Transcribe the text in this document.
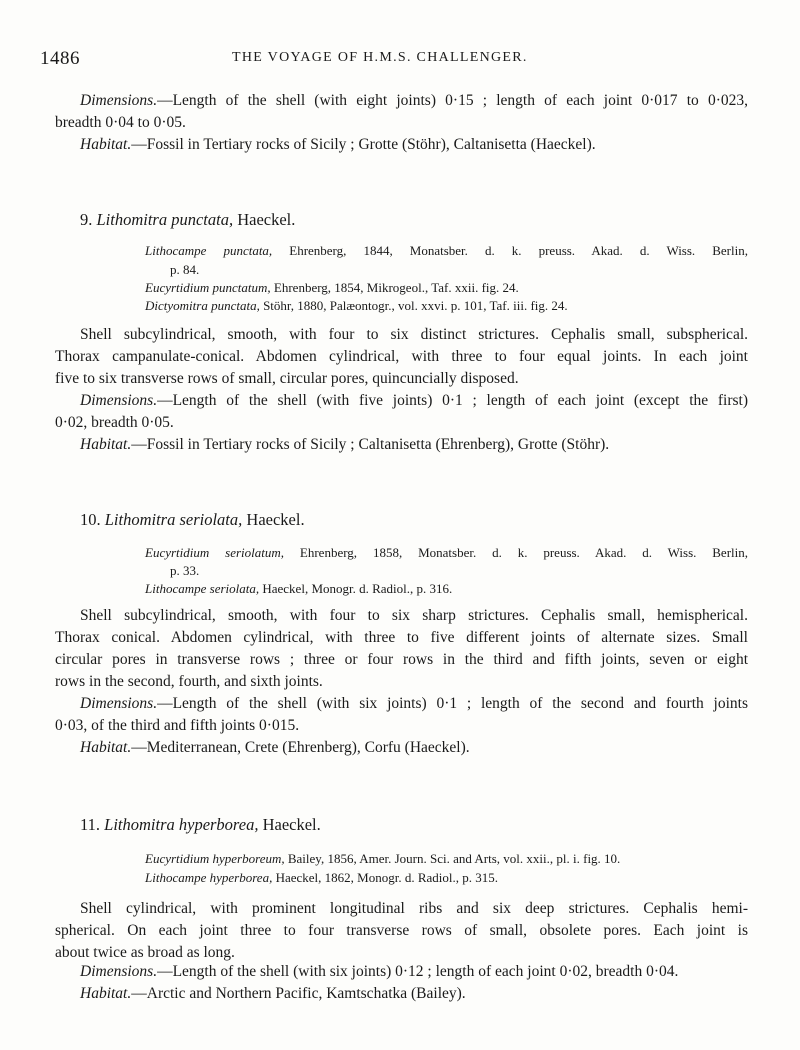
1486	THE VOYAGE OF H.M.S. CHALLENGER.
Dimensions.—Length of the shell (with eight joints) 0·15 ; length of each joint 0·017 to 0·023,
breadth 0·04 to 0·05.
Habitat.—Fossil in Tertiary rocks of Sicily ; Grotte (Stöhr), Caltanisetta (Haeckel).
9. Lithomitra punctata, Haeckel.
Lithocampe punctata, Ehrenberg, 1844, Monatsber. d. k. preuss. Akad. d. Wiss. Berlin,
p. 84.
Eucyrtidium punctatum, Ehrenberg, 1854, Mikrogeol., Taf. xxii. fig. 24.
Dictyomitra punctata, Stöhr, 1880, Palæontogr., vol. xxvi. p. 101, Taf. iii. fig. 24.
Shell subcylindrical, smooth, with four to six distinct strictures. Cephalis small, subspherical.
Thorax campanulate-conical. Abdomen cylindrical, with three to four equal joints. In each joint
five to six transverse rows of small, circular pores, quincuncially disposed.
Dimensions.—Length of the shell (with five joints) 0·1 ; length of each joint (except the first)
0·02, breadth 0·05.
Habitat.—Fossil in Tertiary rocks of Sicily ; Caltanisetta (Ehrenberg), Grotte (Stöhr).
10. Lithomitra seriolata, Haeckel.
Eucyrtidium seriolatum, Ehrenberg, 1858, Monatsber. d. k. preuss. Akad. d. Wiss. Berlin,
p. 33.
Lithocampe seriolata, Haeckel, Monogr. d. Radiol., p. 316.
Shell subcylindrical, smooth, with four to six sharp strictures. Cephalis small, hemispherical.
Thorax conical. Abdomen cylindrical, with three to five different joints of alternate sizes. Small
circular pores in transverse rows ; three or four rows in the third and fifth joints, seven or eight
rows in the second, fourth, and sixth joints.
Dimensions.—Length of the shell (with six joints) 0·1 ; length of the second and fourth joints
0·03, of the third and fifth joints 0·015.
Habitat.—Mediterranean, Crete (Ehrenberg), Corfu (Haeckel).
11. Lithomitra hyperborea, Haeckel.
Eucyrtidium hyperboreum, Bailey, 1856, Amer. Journ. Sci. and Arts, vol. xxii., pl. i. fig. 10.
Lithocampe hyperborea, Haeckel, 1862, Monogr. d. Radiol., p. 315.
Shell cylindrical, with prominent longitudinal ribs and six deep strictures. Cephalis hemi-
spherical. On each joint three to four transverse rows of small, obsolete pores. Each joint is
about twice as broad as long.
Dimensions.—Length of the shell (with six joints) 0·12 ; length of each joint 0·02, breadth 0·04.
Habitat.—Arctic and Northern Pacific, Kamtschatka (Bailey).
